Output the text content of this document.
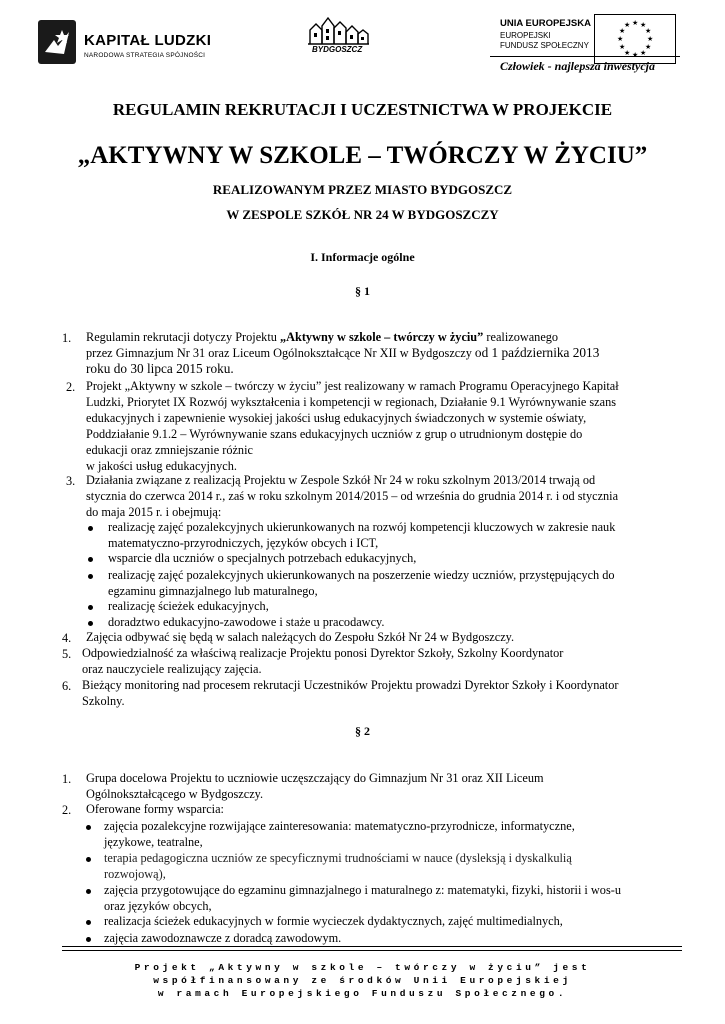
KAPITAŁ LUDZKI
NARODOWA STRATEGIA SPÓJNOŚCI
BYDGOSZCZ
UNIA EUROPEJSKA
EUROPEJSKI
FUNDUSZ SPOŁECZNY
★ ★
★
★
★
★
★
★
★
★
★
★
Człowiek - najlepsza inwestycja
REGULAMIN REKRUTACJI I UCZESTNICTWA W PROJEKCIE
„AKTYWNY W SZKOLE – TWÓRCZY W ŻYCIU”
REALIZOWANYM PRZEZ MIASTO BYDGOSZCZ
W ZESPOLE SZKÓŁ NR 24 W BYDGOSZCZY
I. Informacje ogólne
§ 1
1. Regulamin rekrutacji dotyczy Projektu „Aktywny w szkole – twórczy w życiu” realizowanego
przez Gimnazjum Nr 31 oraz Liceum Ogólnokształcące Nr XII w Bydgoszczy od 1 października 2013
roku do 30 lipca 2015 roku.
2. Projekt „Aktywny w szkole – twórczy w życiu” jest realizowany w ramach Programu Operacyjnego Kapitał
Ludzki, Priorytet IX Rozwój wykształcenia i kompetencji w regionach, Działanie 9.1 Wyrównywanie szans
edukacyjnych i zapewnienie wysokiej jakości usług edukacyjnych świadczonych w systemie oświaty,
Poddziałanie 9.1.2 – Wyrównywanie szans edukacyjnych uczniów z grup o utrudnionym dostępie do
edukacji oraz zmniejszanie różnic
w jakości usług edukacyjnych.
3. Działania związane z realizacją Projektu w Zespole Szkół Nr 24 w roku szkolnym 2013/2014 trwają od
stycznia do czerwca 2014 r., zaś w roku szkolnym 2014/2015 – od września do grudnia 2014 r. i od stycznia
do maja 2015 r. i obejmują:
realizację zajęć pozalekcyjnych ukierunkowanych na rozwój kompetencji kluczowych w zakresie nauk
matematyczno-przyrodniczych, języków obcych i ICT,
wsparcie dla uczniów o specjalnych potrzebach edukacyjnych,
realizację zajęć pozalekcyjnych ukierunkowanych na poszerzenie wiedzy uczniów, przystępujących do
egzaminu gimnazjalnego lub maturalnego,
realizację ścieżek edukacyjnych,
doradztwo edukacyjno-zawodowe i staże u pracodawcy.
4. Zajęcia odbywać się będą w salach należących do Zespołu Szkół Nr 24 w Bydgoszczy.
5. Odpowiedzialność za właściwą realizacje Projektu ponosi Dyrektor Szkoły, Szkolny Koordynator
oraz nauczyciele realizujący zajęcia.
6. Bieżący monitoring nad procesem rekrutacji Uczestników Projektu prowadzi Dyrektor Szkoły i Koordynator
Szkolny.
§ 2
1. Grupa docelowa Projektu to uczniowie uczęszczający do Gimnazjum Nr 31 oraz XII Liceum
Ogólnokształcącego w Bydgoszczy.
2. Oferowane formy wsparcia:
zajęcia pozalekcyjne rozwijające zainteresowania: matematyczno-przyrodnicze, informatyczne,
językowe, teatralne,
terapia pedagogiczna uczniów ze specyficznymi trudnościami w nauce (dysleksją i dyskalkulią
rozwojową),
zajęcia przygotowujące do egzaminu gimnazjalnego i maturalnego z: matematyki, fizyki, historii i wos-u
oraz języków obcych,
realizacja ścieżek edukacyjnych w formie wycieczek dydaktycznych, zajęć multimedialnych,
zajęcia zawodoznawcze z doradcą zawodowym.
Projekt „Aktywny w szkole – twórczy w życiu” jest
współfinansowany ze środków Unii Europejskiej
w ramach Europejskiego Funduszu Społecznego.
